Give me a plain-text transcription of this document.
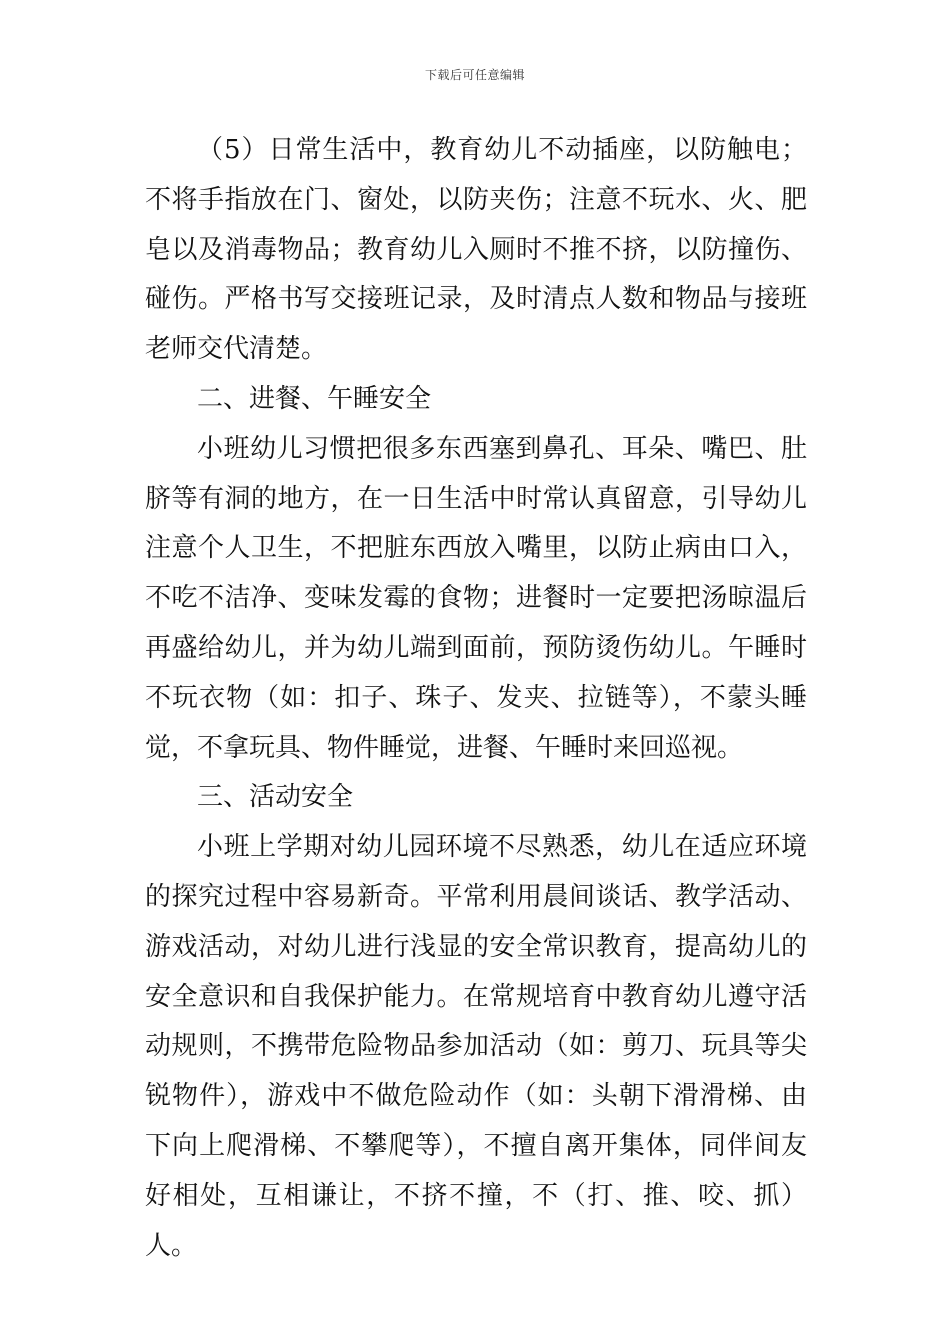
下载后可任意编辑

（5）日常生活中，教育幼儿不动插座，以防触电；不将手指放在门、窗处，以防夹伤；注意不玩水、火、肥皂以及消毒物品；教育幼儿入厕时不推不挤，以防撞伤、碰伤。严格书写交接班记录，及时清点人数和物品与接班老师交代清楚。

二、进餐、午睡安全

小班幼儿习惯把很多东西塞到鼻孔、耳朵、嘴巴、肚脐等有洞的地方，在一日生活中时常认真留意，引导幼儿注意个人卫生，不把脏东西放入嘴里，以防止病由口入，不吃不洁净、变味发霉的食物；进餐时一定要把汤晾温后再盛给幼儿，并为幼儿端到面前，预防烫伤幼儿。午睡时不玩衣物（如：扣子、珠子、发夹、拉链等），不蒙头睡觉，不拿玩具、物件睡觉，进餐、午睡时来回巡视。

三、活动安全

小班上学期对幼儿园环境不尽熟悉，幼儿在适应环境的探究过程中容易新奇。平常利用晨间谈话、教学活动、游戏活动，对幼儿进行浅显的安全常识教育，提高幼儿的安全意识和自我保护能力。在常规培育中教育幼儿遵守活动规则，不携带危险物品参加活动（如：剪刀、玩具等尖锐物件），游戏中不做危险动作（如：头朝下滑滑梯、由下向上爬滑梯、不攀爬等），不擅自离开集体，同伴间友好相处，互相谦让，不挤不撞，不（打、推、咬、抓）人。
